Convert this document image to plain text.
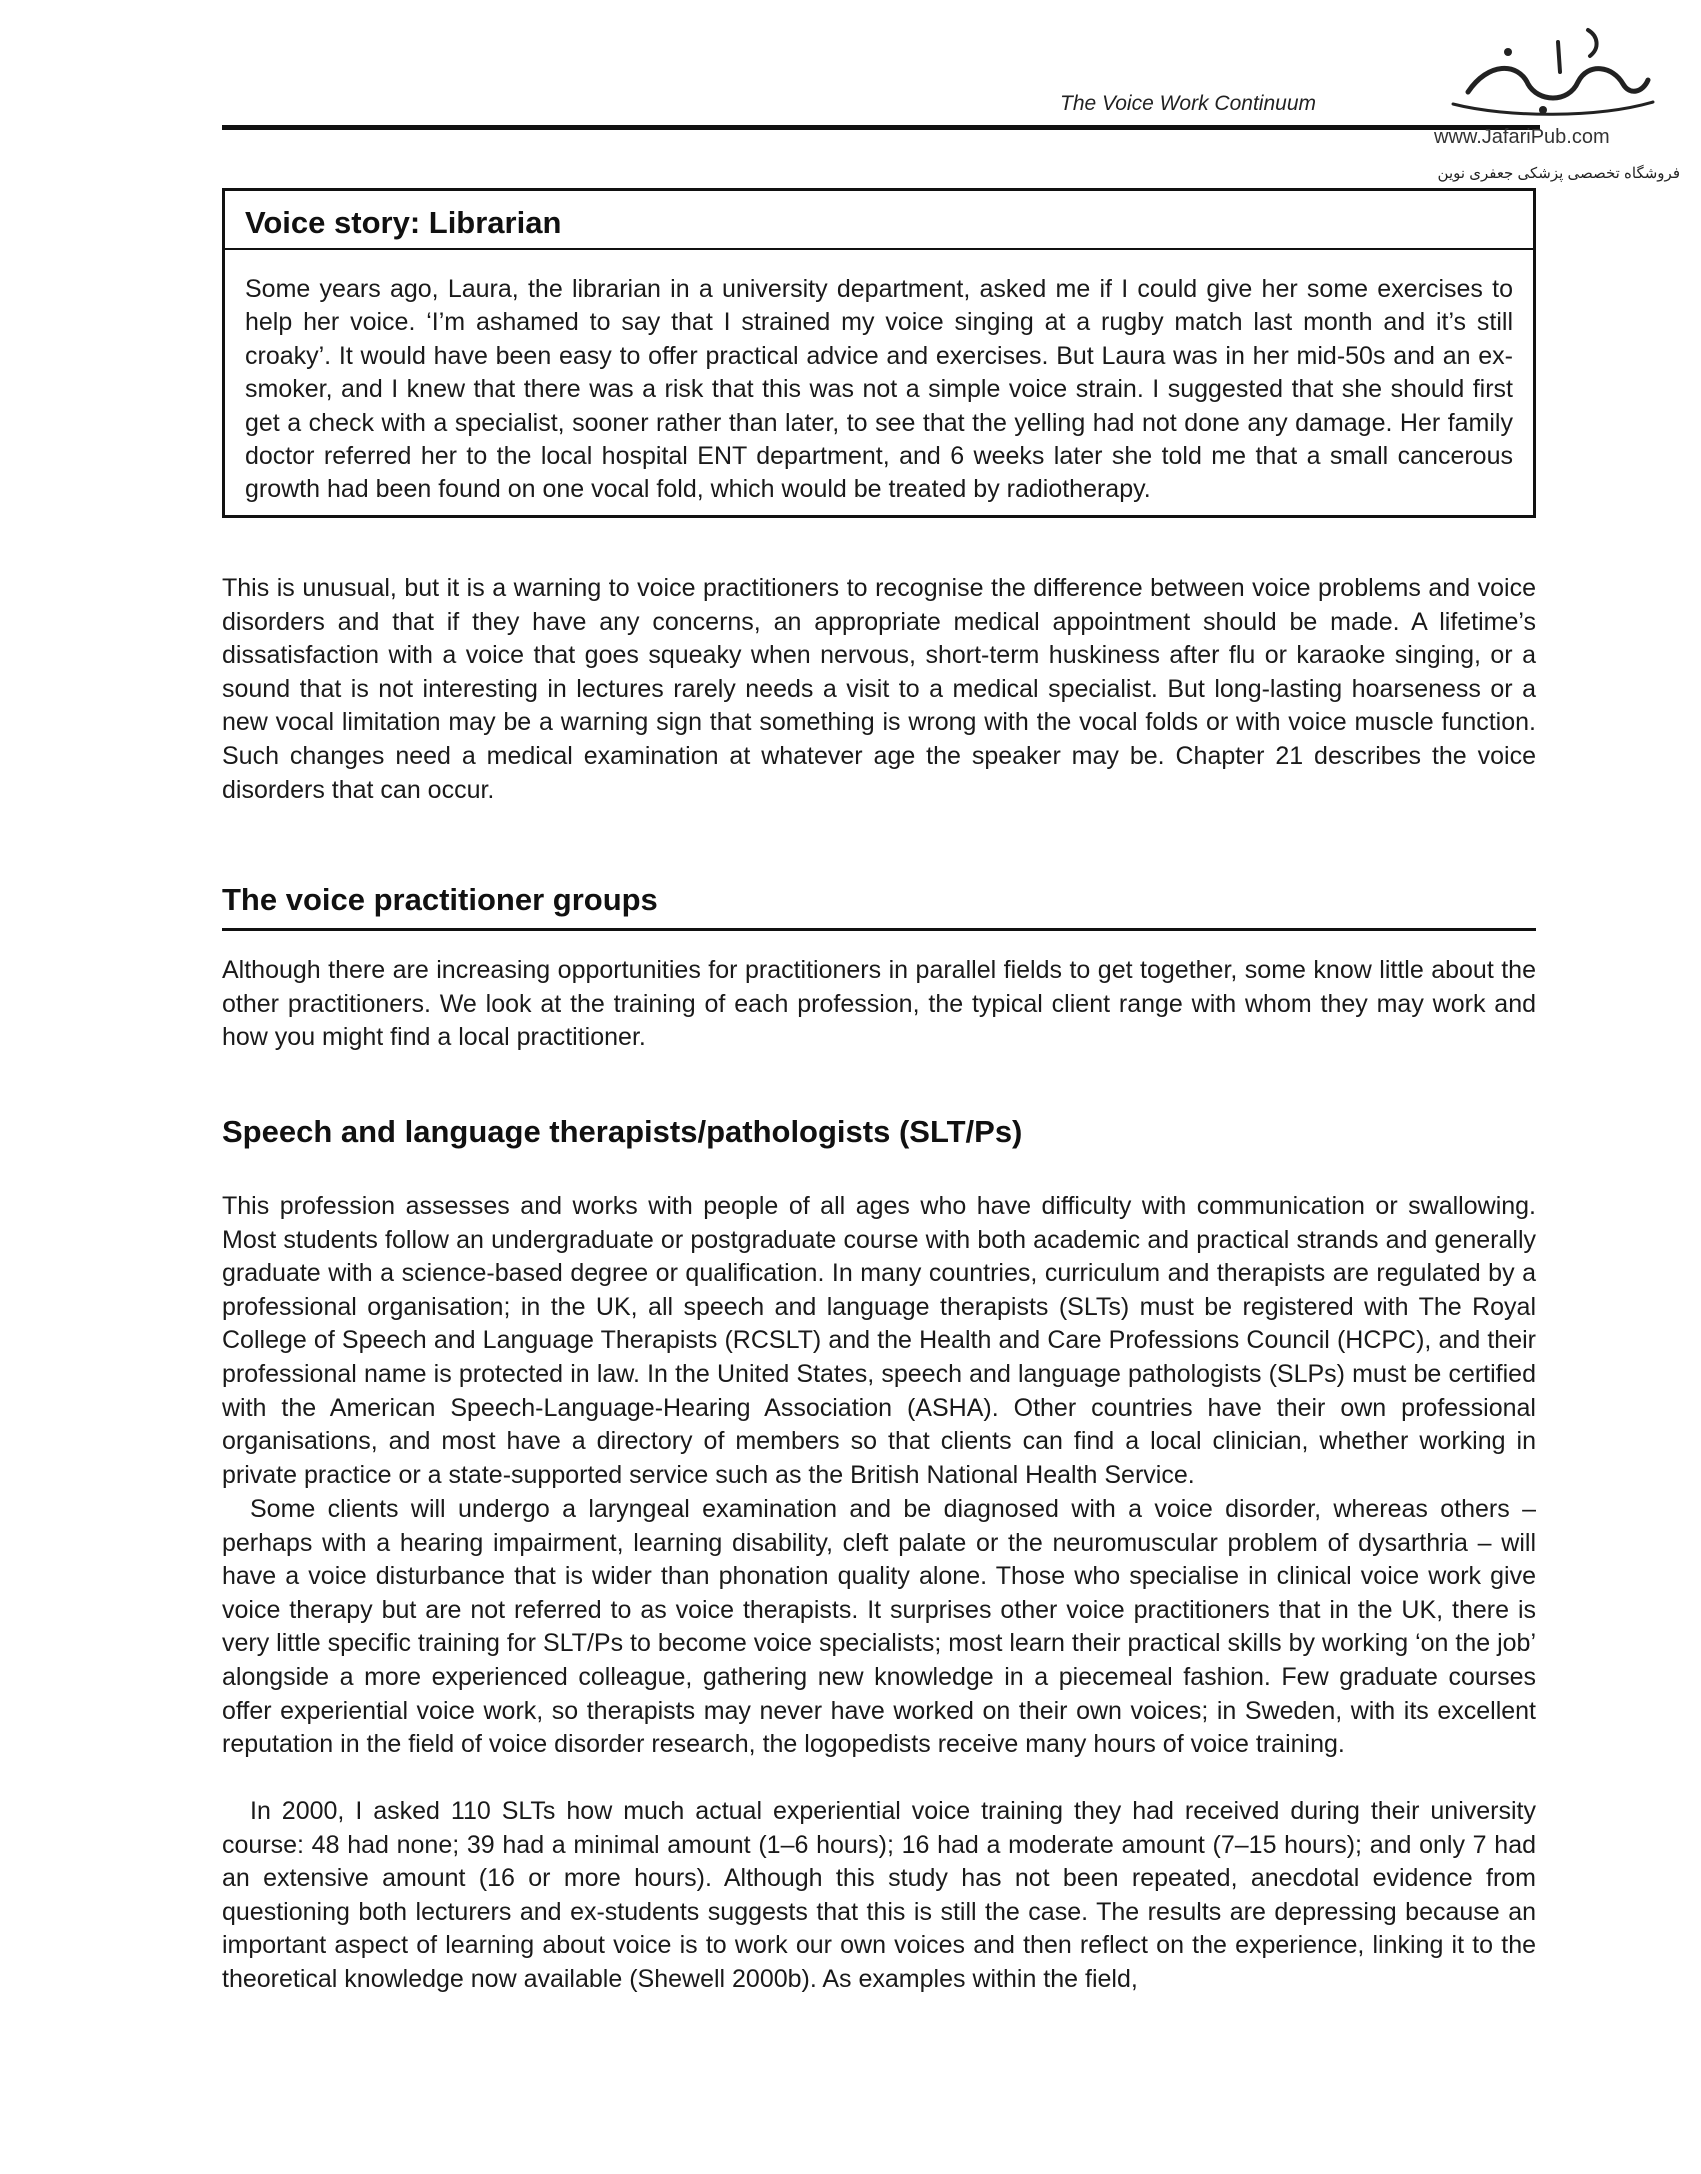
The Voice Work Continuum
www.JafariPub.com
فروشگاه تخصصی پزشکی جعفری نوین
Voice story: Librarian
Some years ago, Laura, the librarian in a university department, asked me if I could give her some exercises to help her voice. ‘I’m ashamed to say that I strained my voice singing at a rugby match last month and it’s still croaky’. It would have been easy to offer practical advice and exercises. But Laura was in her mid-50s and an ex-smoker, and I knew that there was a risk that this was not a simple voice strain. I suggested that she should first get a check with a specialist, sooner rather than later, to see that the yelling had not done any damage. Her family doctor referred her to the local hospital ENT department, and 6 weeks later she told me that a small cancerous growth had been found on one vocal fold, which would be treated by radiotherapy.

This is unusual, but it is a warning to voice practitioners to recognise the difference between voice problems and voice disorders and that if they have any concerns, an appropriate medical appointment should be made. A lifetime’s dissatisfaction with a voice that goes squeaky when nervous, short-term huskiness after flu or karaoke singing, or a sound that is not interesting in lectures rarely needs a visit to a medical specialist. But long-lasting hoarseness or a new vocal limitation may be a warning sign that something is wrong with the vocal folds or with voice muscle function. Such changes need a medical examination at whatever age the speaker may be. Chapter 21 describes the voice disorders that can occur.

The voice practitioner groups

Although there are increasing opportunities for practitioners in parallel fields to get together, some know little about the other practitioners. We look at the training of each profession, the typical client range with whom they may work and how you might find a local practitioner.

Speech and language therapists/pathologists (SLT/Ps)

This profession assesses and works with people of all ages who have difficulty with communication or swallowing. Most students follow an undergraduate or postgraduate course with both academic and practical strands and generally graduate with a science-based degree or qualification. In many countries, curriculum and therapists are regulated by a professional organisation; in the UK, all speech and language therapists (SLTs) must be registered with The Royal College of Speech and Language Therapists (RCSLT) and the Health and Care Professions Council (HCPC), and their professional name is protected in law. In the United States, speech and language pathologists (SLPs) must be certified with the American Speech-Language-Hearing Association (ASHA). Other countries have their own professional organisations, and most have a directory of members so that clients can find a local clinician, whether working in private practice or a state-supported service such as the British National Health Service.

Some clients will undergo a laryngeal examination and be diagnosed with a voice disorder, whereas others – perhaps with a hearing impairment, learning disability, cleft palate or the neuromuscular problem of dysarthria – will have a voice disturbance that is wider than phonation quality alone. Those who specialise in clinical voice work give voice therapy but are not referred to as voice therapists. It surprises other voice practitioners that in the UK, there is very little specific training for SLT/Ps to become voice specialists; most learn their practical skills by working ‘on the job’ alongside a more experienced colleague, gathering new knowledge in a piecemeal fashion. Few graduate courses offer experiential voice work, so therapists may never have worked on their own voices; in Sweden, with its excellent reputation in the field of voice disorder research, the logopedists receive many hours of voice training.

In 2000, I asked 110 SLTs how much actual experiential voice training they had received during their university course: 48 had none; 39 had a minimal amount (1–6 hours); 16 had a moderate amount (7–15 hours); and only 7 had an extensive amount (16 or more hours). Although this study has not been repeated, anecdotal evidence from questioning both lecturers and ex-students suggests that this is still the case. The results are depressing because an important aspect of learning about voice is to work our own voices and then reflect on the experience, linking it to the theoretical knowledge now available (Shewell 2000b). As examples within the field,
